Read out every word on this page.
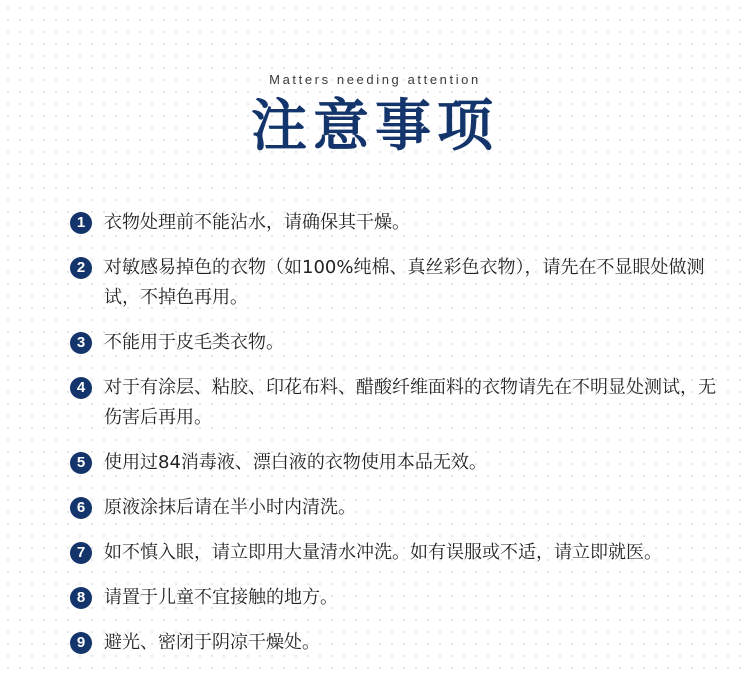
Matters needing attention
注意事项
1	衣物处理前不能沾水，请确保其干燥。
2	对敏感易掉色的衣物（如100%纯棉、真丝彩色衣物），请先在不显眼处做测试，不掉色再用。
3	不能用于皮毛类衣物。
4	对于有涂层、粘胶、印花布料、醋酸纤维面料的衣物请先在不明显处测试，无伤害后再用。
5	使用过84消毒液、漂白液的衣物使用本品无效。
6	原液涂抹后请在半小时内清洗。
7	如不慎入眼，请立即用大量清水冲洗。如有误服或不适，请立即就医。
8	请置于儿童不宜接触的地方。
9	避光、密闭于阴凉干燥处。
